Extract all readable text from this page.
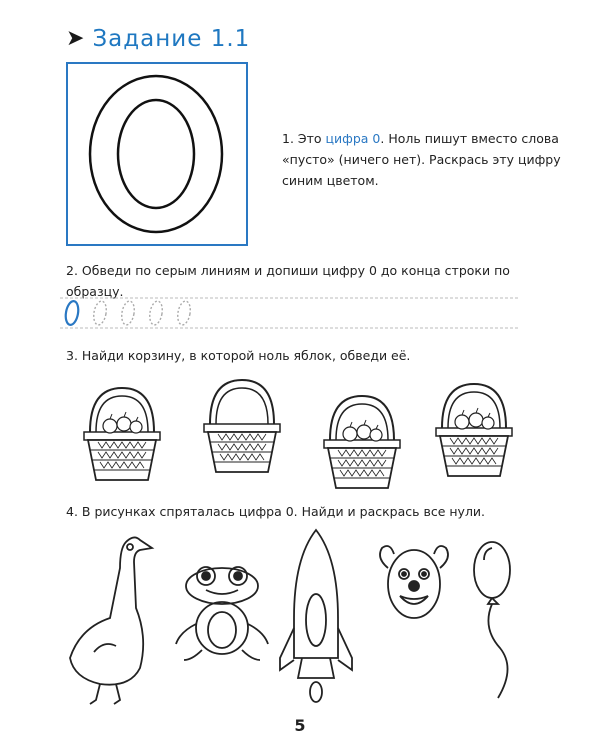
➤ Задание 1.1
1. Это цифра 0. Ноль пишут вместо слова «пусто» (ничего нет). Раскрась эту цифру синим цветом.
2. Обведи по серым линиям и допиши цифру 0 до конца строки по образцу.
3. Найди корзину, в которой ноль яблок, обведи её.
4. В рисунках спряталась цифра 0. Найди и раскрась все нули.
5
